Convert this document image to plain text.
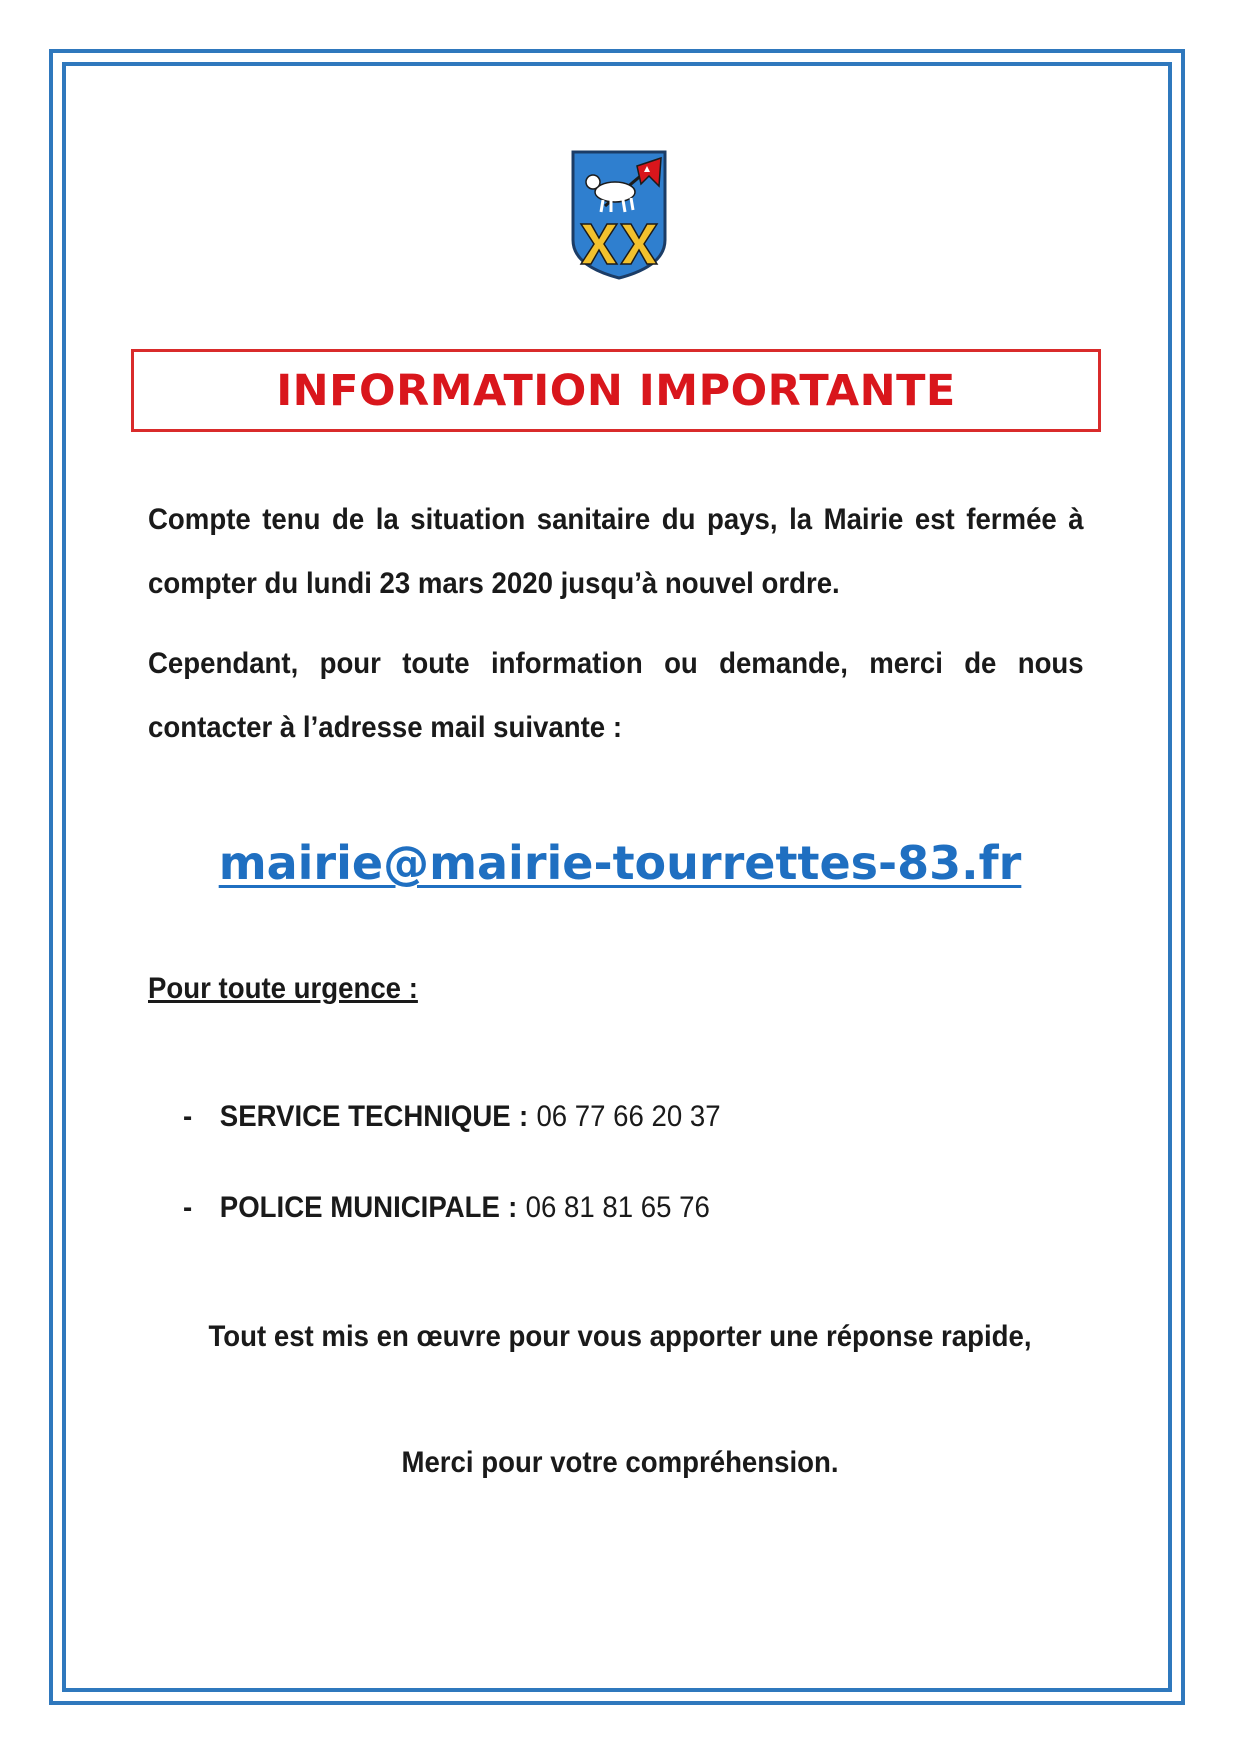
INFORMATION IMPORTANTE

Compte tenu de la situation sanitaire du pays, la Mairie est fermée à compter du lundi 23 mars 2020 jusqu’à nouvel ordre.

Cependant, pour toute information ou demande, merci de nous contacter à l’adresse mail suivante :

mairie@mairie-tourrettes-83.fr
Pour toute urgence :
- SERVICE TECHNIQUE : 06 77 66 20 37
- POLICE MUNICIPALE : 06 81 81 65 76
Tout est mis en œuvre pour vous apporter une réponse rapide,
Merci pour votre compréhension.
